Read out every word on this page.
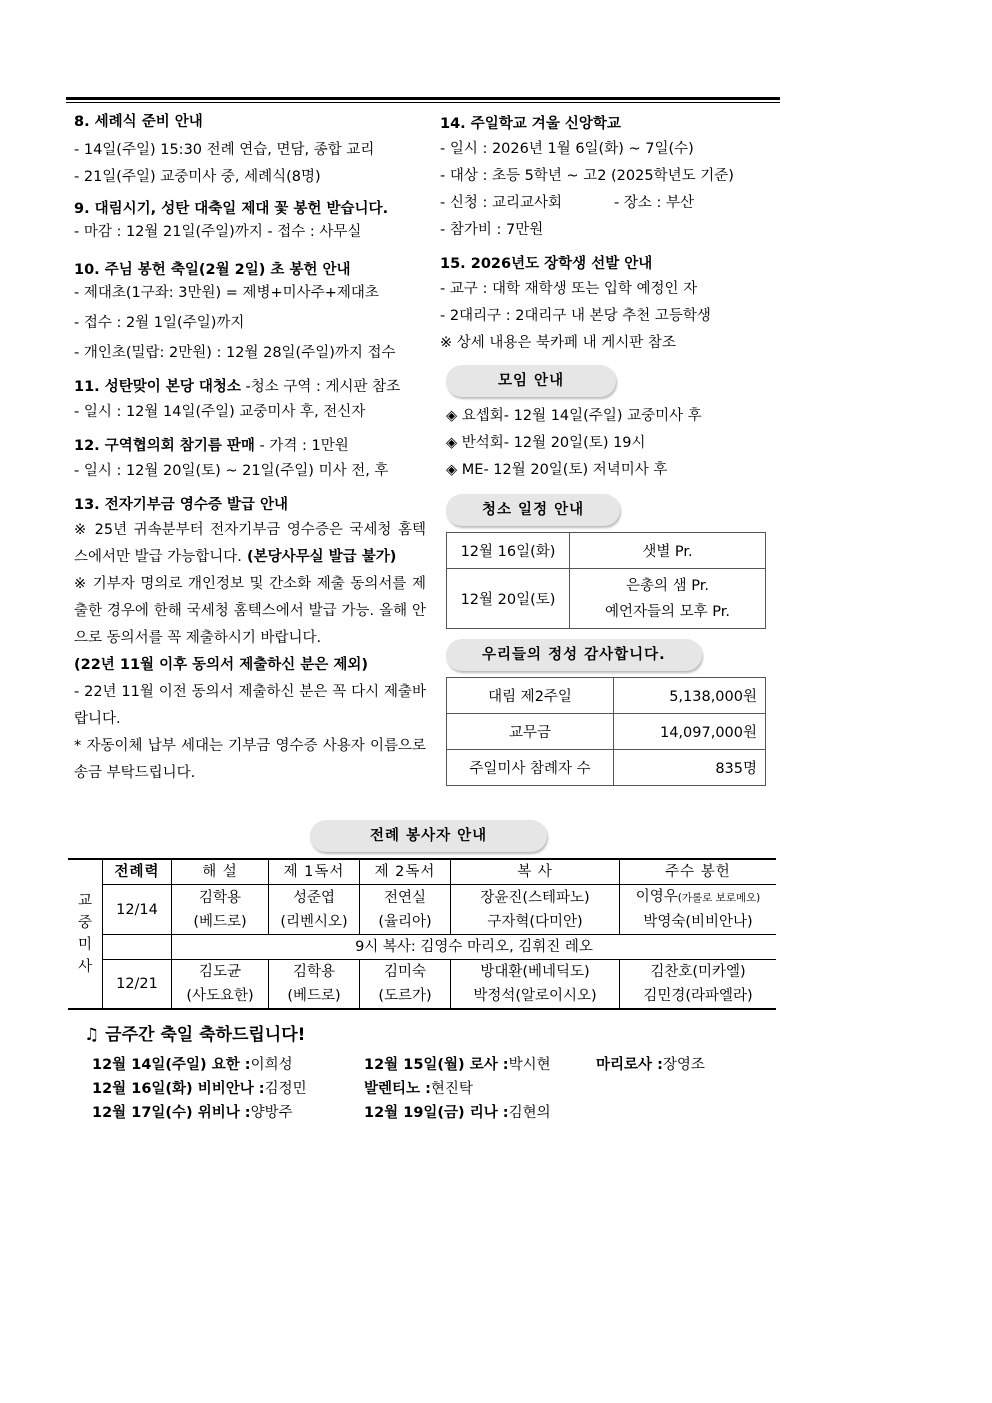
8. 세례식 준비 안내

- 14일(주일) 15:30 전례 연습, 면담, 종합 교리

- 21일(주일) 교중미사 중, 세례식(8명)

9. 대림시기, 성탄 대축일 제대 꽃 봉헌 받습니다.

- 마감 : 12월 21일(주일)까지 - 접수 : 사무실

10. 주님 봉헌 축일(2월 2일) 초 봉헌 안내

- 제대초(1구좌: 3만원) = 제병+미사주+제대초

- 접수 : 2월 1일(주일)까지

- 개인초(밀랍: 2만원) : 12월 28일(주일)까지 접수

11. 성탄맞이 본당 대청소 -청소 구역 : 게시판 참조

- 일시 : 12월 14일(주일) 교중미사 후, 전신자

12. 구역협의회 참기름 판매 - 가격 : 1만원

- 일시 : 12월 20일(토) ~ 21일(주일) 미사 전, 후

13. 전자기부금 영수증 발급 안내

※ 25년 귀속분부터 전자기부금 영수증은 국세청 홈텍스에서만 발급 가능합니다. (본당사무실 발급 불가)

※ 기부자 명의로 개인정보 및 간소화 제출 동의서를 제출한 경우에 한해 국세청 홈텍스에서 발급 가능. 올해 안으로 동의서를 꼭 제출하시기 바랍니다.

(22년 11월 이후 동의서 제출하신 분은 제외)

- 22년 11월 이전 동의서 제출하신 분은 꼭 다시 제출바랍니다.

* 자동이체 납부 세대는 기부금 영수증 사용자 이름으로 송금 부탁드립니다.

14. 주일학교 겨울 신앙학교

- 일시 : 2026년 1월 6일(화) ~ 7일(수)

- 대상 : 초등 5학년 ~ 고2 (2025학년도 기준)

- 신청 : 교리교사회	- 장소 : 부산

- 참가비 : 7만원

15. 2026년도 장학생 선발 안내

- 교구 : 대학 재학생 또는 입학 예정인 자

- 2대리구 : 2대리구 내 본당 추천 고등학생

※ 상세 내용은 북카페 내 게시판 참조

모임 안내

◈ 요셉회- 12월 14일(주일) 교중미사 후

◈ 반석회- 12월 20일(토) 19시

◈ ME- 12월 20일(토) 저녁미사 후

청소 일정 안내
12월 16일(화)	샛별 Pr.
12월 20일(토)	은총의 샘 Pr.
예언자들의 모후 Pr.
우리들의 정성 감사합니다.
대림 제2주일	5,138,000원
교무금	14,097,000원
주일미사 참례자 수	835명
전례 봉사자 안내
교
중
미
사	전례력	해 설	제 1독서	제 2독서	복 사	주수 봉헌
	12/14	김학용	성준엽	전연실	장윤진(스테파노)	이영우(가롤로 보로메오)
		(베드로)	(리벤시오)	(율리아)	구자혁(다미안)	박영숙(비비안나)
		9시 복사: 김영수 마리오, 김휘진 레오				
	12/21	김도균	김학용	김미숙	방대환(베네딕도)	김찬호(미카엘)
		(사도요한)	(베드로)	(도르가)	박정석(알로이시오)	김민경(라파엘라)
♫ 금주간 축일 축하드립니다!
12월 14일(주일) 요한 :이희성	12월 15일(월) 로사 :박시현	마리로사 :장영조
12월 16일(화) 비비안나 :김정민	발렌티노 :현진탁
12월 17일(수) 위비나 :양방주	12월 19일(금) 리나 :김현의
